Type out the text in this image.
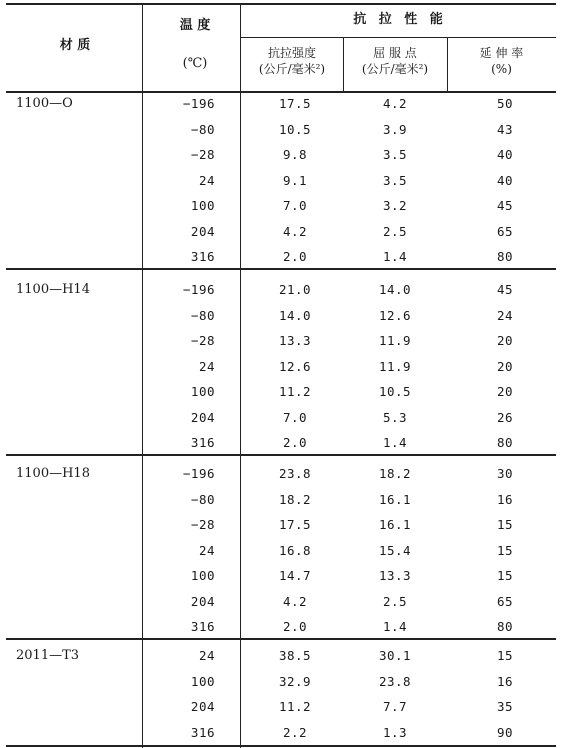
材 质
温 度
(℃)
抗 拉 性 能
抗拉强度
(公斤/毫米²)
屈 服 点
(公斤/毫米²)
延 伸 率
(%)
1100—O	−196	17.5	4.2	50
−80	10.5	3.9	43
−28	9.8	3.5	40
24	9.1	3.5	40
100	7.0	3.2	45
204	4.2	2.5	65
316	2.0	1.4	80
1100—H14	−196	21.0	14.0	45
−80	14.0	12.6	24
−28	13.3	11.9	20
24	12.6	11.9	20
100	11.2	10.5	20
204	7.0	5.3	26
316	2.0	1.4	80
1100—H18	−196	23.8	18.2	30
−80	18.2	16.1	16
−28	17.5	16.1	15
24	16.8	15.4	15
100	14.7	13.3	15
204	4.2	2.5	65
316	2.0	1.4	80
2011—T3	24	38.5	30.1	15
100	32.9	23.8	16
204	11.2	7.7	35
316	2.2	1.3	90
